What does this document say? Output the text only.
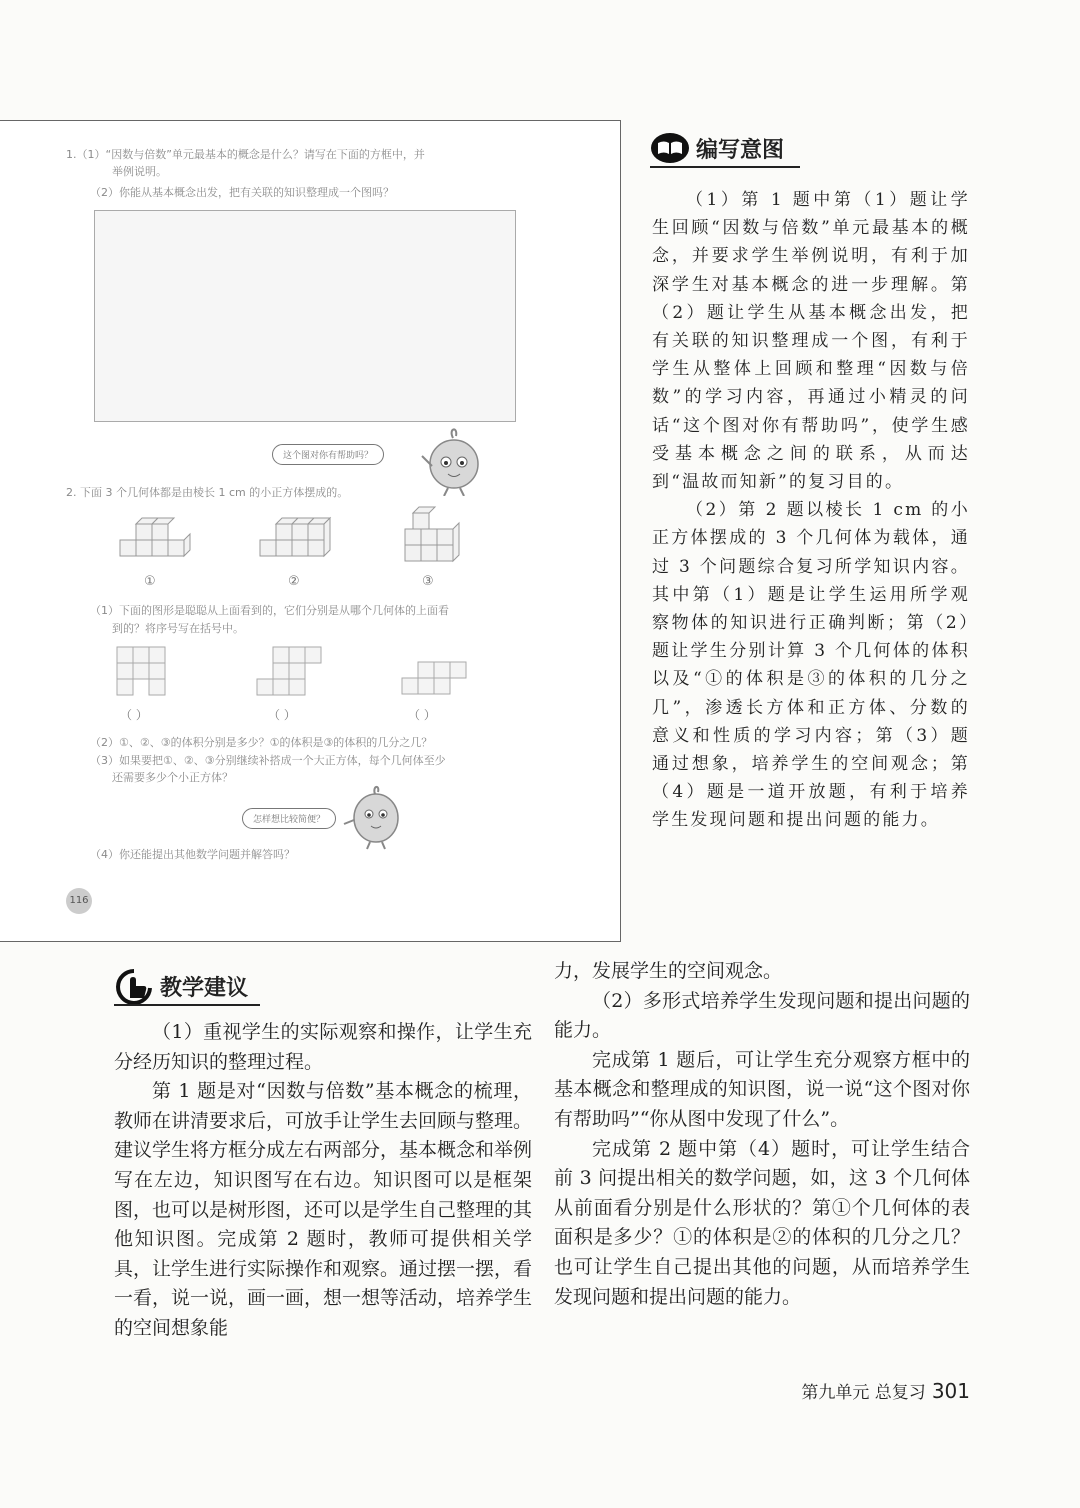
1.（1）“因数与倍数”单元最基本的概念是什么？请写在下面的方框中，并
举例说明。
（2）你能从基本概念出发，把有关联的知识整理成一个图吗？
这个图对你有帮助吗？
2. 下面 3 个几何体都是由棱长 1 cm 的小正方体摆成的。
①	②	③
（1）下面的图形是聪聪从上面看到的，它们分别是从哪个几何体的上面看
到的？将序号写在括号中。
（ ）	（ ）	（ ）
（2）①、②、③的体积分别是多少？①的体积是③的体积的几分之几？
（3）如果要把①、②、③分别继续补搭成一个大正方体，每个几何体至少
还需要多少个小正方体？
怎样想比较简便？
（4）你还能提出其他数学问题并解答吗？
116
编写意图

（1）第 1 题中第（1）题让学生回顾“因数与倍数”单元最基本的概念，并要求学生举例说明，有利于加深学生对基本概念的进一步理解。第（2）题让学生从基本概念出发，把有关联的知识整理成一个图，有利于学生从整体上回顾和整理“因数与倍数”的学习内容，再通过小精灵的问话“这个图对你有帮助吗”，使学生感受基本概念之间的联系，从而达到“温故而知新”的复习目的。

（2）第 2 题以棱长 1 cm 的小正方体摆成的 3 个几何体为载体，通过 3 个问题综合复习所学知识内容。其中第（1）题是让学生运用所学观察物体的知识进行正确判断；第（2）题让学生分别计算 3 个几何体的体积以及“①的体积是③的体积的几分之几”，渗透长方体和正方体、分数的意义和性质的学习内容；第（3）题通过想象，培养学生的空间观念；第（4）题是一道开放题，有利于培养学生发现问题和提出问题的能力。

教学建议

（1）重视学生的实际观察和操作，让学生充分经历知识的整理过程。

第 1 题是对“因数与倍数”基本概念的梳理，教师在讲清要求后，可放手让学生去回顾与整理。建议学生将方框分成左右两部分，基本概念和举例写在左边，知识图写在右边。知识图可以是框架图，也可以是树形图，还可以是学生自己整理的其他知识图。完成第 2 题时，教师可提供相关学具，让学生进行实际操作和观察。通过摆一摆，看一看，说一说，画一画，想一想等活动，培养学生的空间想象能

力，发展学生的空间观念。

（2）多形式培养学生发现问题和提出问题的能力。

完成第 1 题后，可让学生充分观察方框中的基本概念和整理成的知识图，说一说“这个图对你有帮助吗”“你从图中发现了什么”。

完成第 2 题中第（4）题时，可让学生结合前 3 问提出相关的数学问题，如，这 3 个几何体从前面看分别是什么形状的？第①个几何体的表面积是多少？①的体积是②的体积的几分之几？也可让学生自己提出其他的问题，从而培养学生发现问题和提出问题的能力。

第九单元 总复习 301
